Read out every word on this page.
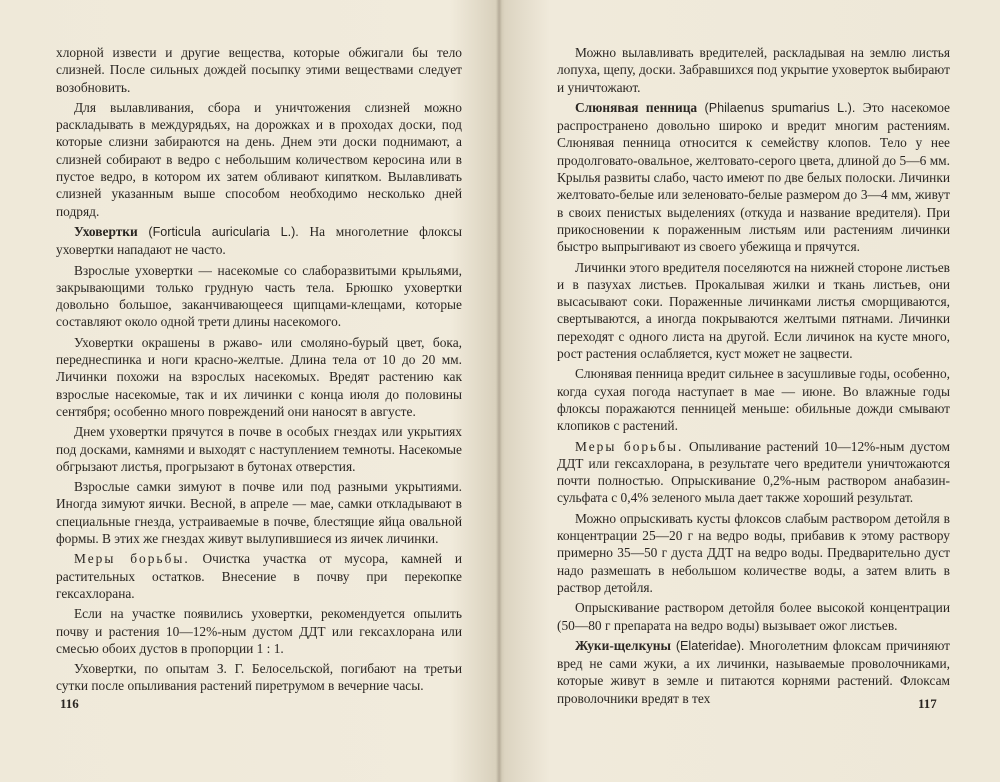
хлорной извести и другие вещества, которые обжигали бы тело слизней. После сильных дождей посыпку этими веществами следует возобновить.

Для вылавливания, сбора и уничтожения слизней можно раскладывать в междурядьях, на дорожках и в проходах доски, под которые слизни забираются на день. Днем эти доски поднимают, а слизней собирают в ведро с небольшим количеством керосина или в пустое ведро, в котором их затем обливают кипятком. Вылавливать слизней указанным выше способом необходимо несколько дней подряд.

Уховертки (Forticula auricularia L.). На многолетние флоксы уховертки нападают не часто.

Взрослые уховертки — насекомые со слаборазвитыми крыльями, закрывающими только грудную часть тела. Брюшко уховертки довольно большое, заканчивающееся щипцами-клещами, которые составляют около одной трети длины насекомого.

Уховертки окрашены в ржаво- или смоляно-бурый цвет, бока, переднеспинка и ноги красно-желтые. Длина тела от 10 до 20 мм. Личинки похожи на взрослых насекомых. Вредят растению как взрослые насекомые, так и их личинки с конца июля до половины сентября; особенно много повреждений они наносят в августе.

Днем уховертки прячутся в почве в особых гнездах или укрытиях под досками, камнями и выходят с наступлением темноты. Насекомые обгрызают листья, прогрызают в бутонах отверстия.

Взрослые самки зимуют в почве или под разными укрытиями. Иногда зимуют яички. Весной, в апреле — мае, самки откладывают в специальные гнезда, устраиваемые в почве, блестящие яйца овальной формы. В этих же гнездах живут вылупившиеся из яичек личинки.

Меры борьбы. Очистка участка от мусора, камней и растительных остатков. Внесение в почву при перекопке гексахлорана.

Если на участке появились уховертки, рекомендуется опылить почву и растения 10—12%-ным дустом ДДТ или гексахлорана или смесью обоих дустов в пропорции 1 : 1.

Уховертки, по опытам З. Г. Белосельской, погибают на третьи сутки после опыливания растений пиретрумом в вечерние часы.

116

Можно вылавливать вредителей, раскладывая на землю листья лопуха, щепу, доски. Забравшихся под укрытие уховерток выбирают и уничтожают.

Слюнявая пенница (Philaenus spumarius L.). Это насекомое распространено довольно широко и вредит многим растениям. Слюнявая пенница относится к семейству клопов. Тело у нее продолговато-овальное, желтовато-серого цвета, длиной до 5—6 мм. Крылья развиты слабо, часто имеют по две белых полоски. Личинки желтовато-белые или зеленовато-белые размером до 3—4 мм, живут в своих пенистых выделениях (откуда и название вредителя). При прикосновении к пораженным листьям или растениям личинки быстро выпрыгивают из своего убежища и прячутся.

Личинки этого вредителя поселяются на нижней стороне листьев и в пазухах листьев. Прокалывая жилки и ткань листьев, они высасывают соки. Пораженные личинками листья сморщиваются, свертываются, а иногда покрываются желтыми пятнами. Личинки переходят с одного листа на другой. Если личинок на кусте много, рост растения ослабляется, куст может не зацвести.

Слюнявая пенница вредит сильнее в засушливые годы, особенно, когда сухая погода наступает в мае — июне. Во влажные годы флоксы поражаются пенницей меньше: обильные дожди смывают клопиков с растений.

Меры борьбы. Опыливание растений 10—12%-ным дустом ДДТ или гексахлорана, в результате чего вредители уничтожаются почти полностью. Опрыскивание 0,2%-ным раствором анабазин-сульфата с 0,4% зеленого мыла дает также хороший результат.

Можно опрыскивать кусты флоксов слабым раствором детойля в концентрации 25—20 г на ведро воды, прибавив к этому раствору примерно 35—50 г дуста ДДТ на ведро воды. Предварительно дуст надо размешать в небольшом количестве воды, а затем влить в раствор детойля.

Опрыскивание раствором детойля более высокой концентрации (50—80 г препарата на ведро воды) вызывает ожог листьев.

Жуки-щелкуны (Elateridae). Многолетним флоксам причиняют вред не сами жуки, а их личинки, называемые проволочниками, которые живут в земле и питаются корнями растений. Флоксам проволочники вредят в тех	117
